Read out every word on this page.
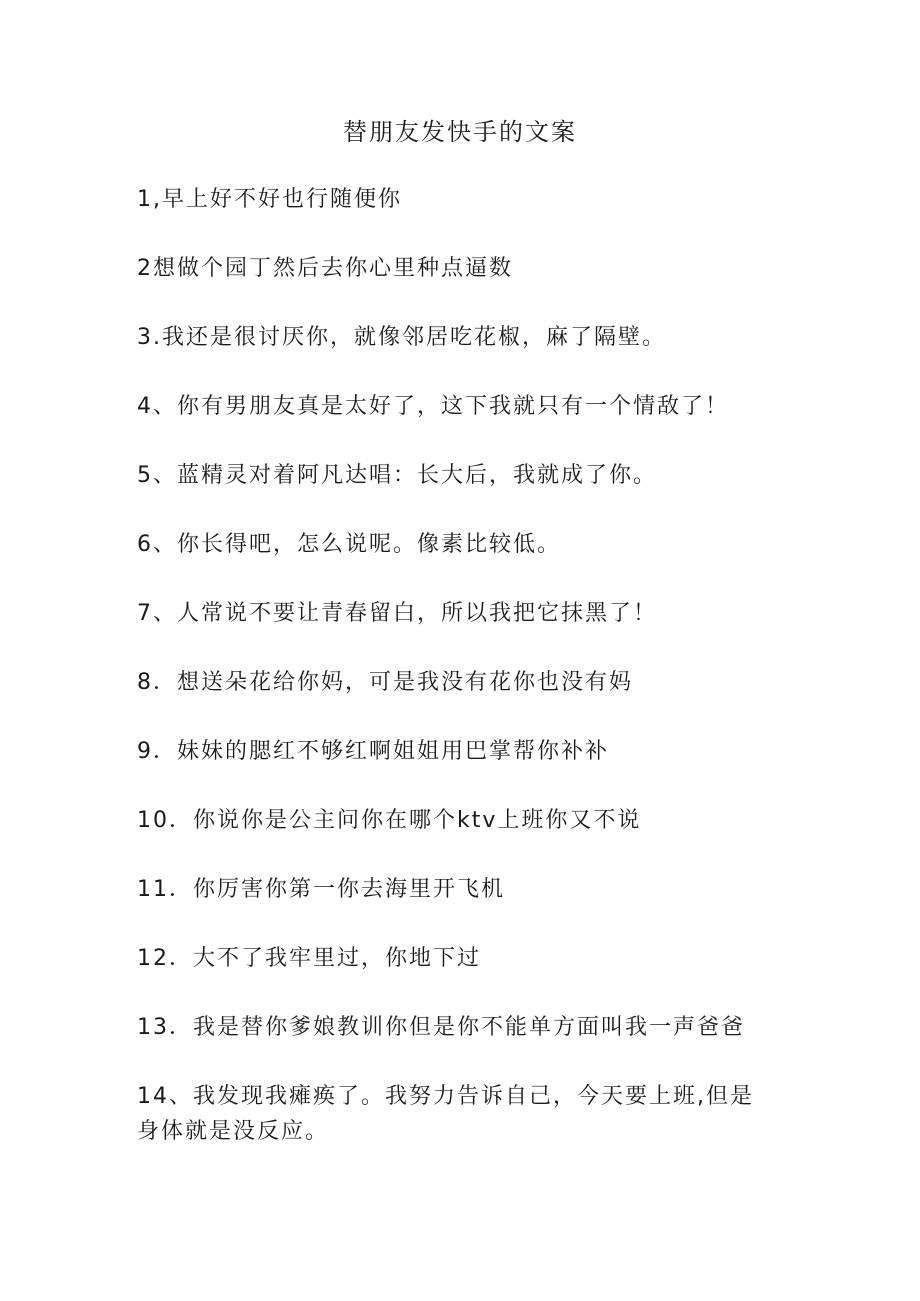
替朋友发快手的文案
1,早上好不好也行随便你
2想做个园丁然后去你心里种点逼数
3.我还是很讨厌你，就像邻居吃花椒，麻了隔壁。
4、你有男朋友真是太好了，这下我就只有一个情敌了！
5、蓝精灵对着阿凡达唱：长大后，我就成了你。
6、你长得吧，怎么说呢。像素比较低。
7、人常说不要让青春留白，所以我把它抹黑了！
8．想送朵花给你妈，可是我没有花你也没有妈
9．妹妹的腮红不够红啊姐姐用巴掌帮你补补
10．你说你是公主问你在哪个ktv上班你又不说
11．你厉害你第一你去海里开飞机
12．大不了我牢里过，你地下过
13．我是替你爹娘教训你但是你不能单方面叫我一声爸爸
14、我发现我瘫痪了。我努力告诉自己，今天要上班,但是身体就是没反应。
